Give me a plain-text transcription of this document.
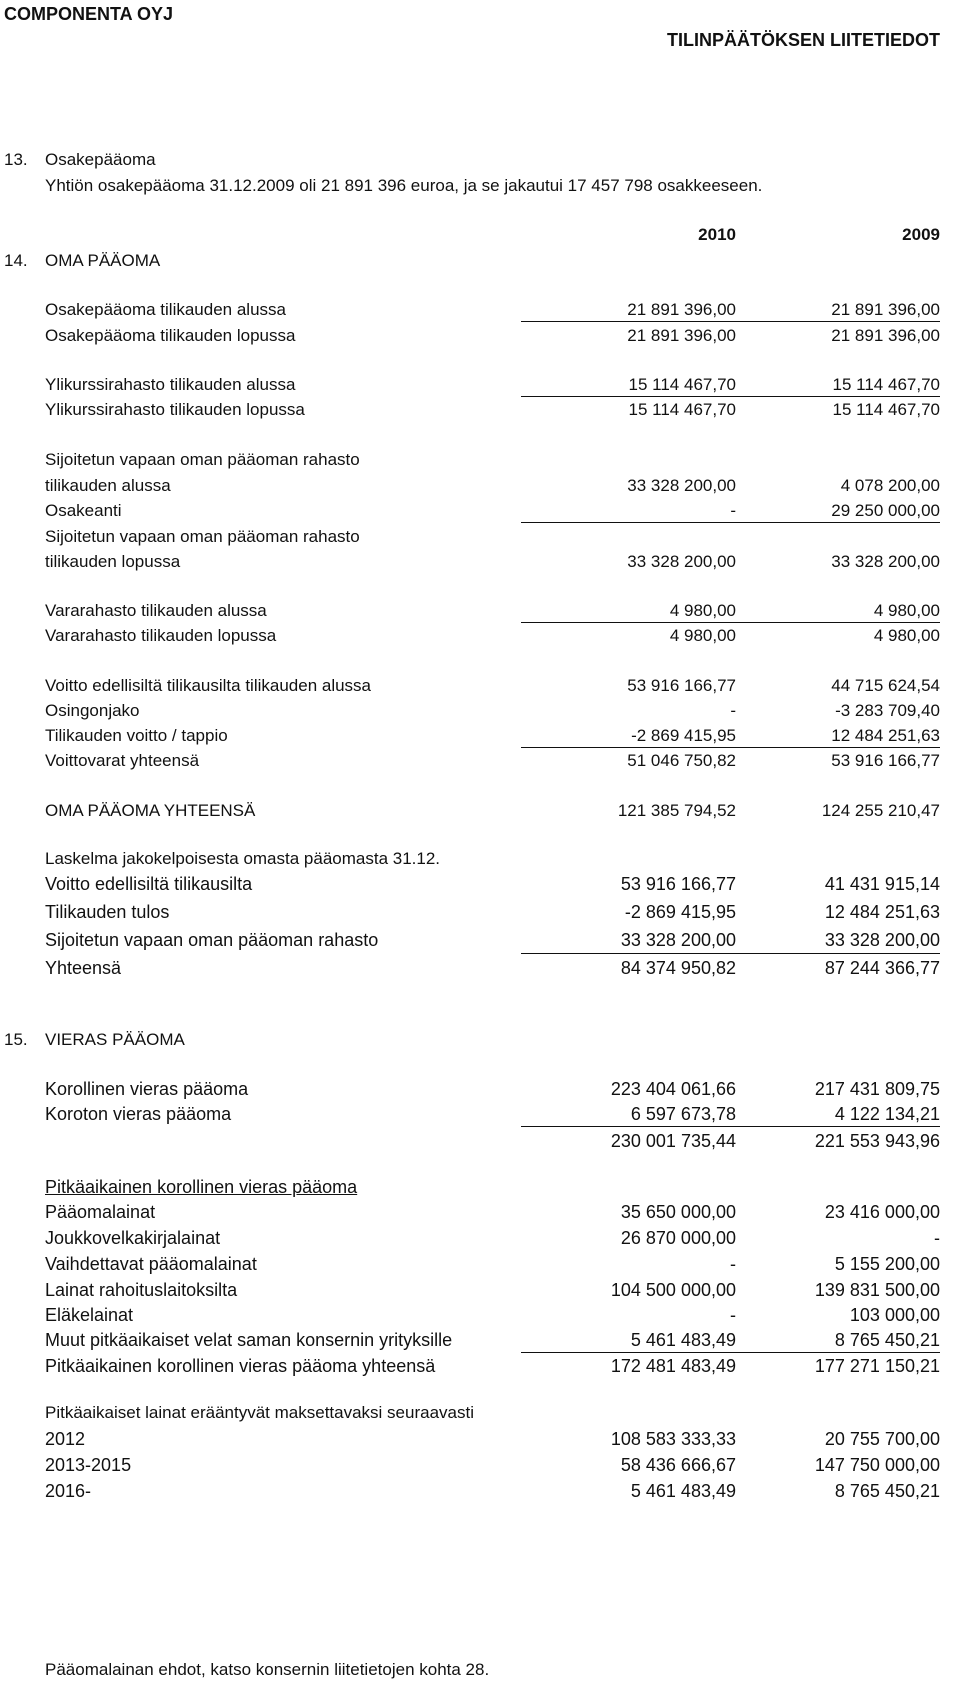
COMPONENTA OYJ
TILINPÄÄTÖKSEN LIITETIEDOT
13. Osakepääoma
Yhtiön osakepääoma 31.12.2009 oli 21 891 396 euroa, ja se jakautui 17 457 798 osakkeeseen.
14. OMA PÄÄOMA
2010	2009
Osakepääoma tilikauden alussa	21 891 396,00	21 891 396,00
Osakepääoma tilikauden lopussa	21 891 396,00	21 891 396,00
Ylikurssirahasto tilikauden alussa	15 114 467,70	15 114 467,70
Ylikurssirahasto tilikauden lopussa	15 114 467,70	15 114 467,70
Sijoitetun vapaan oman pääoman rahasto
tilikauden alussa	33 328 200,00	4 078 200,00
Osakeanti	-	29 250 000,00
Sijoitetun vapaan oman pääoman rahasto
tilikauden lopussa	33 328 200,00	33 328 200,00
Vararahasto tilikauden alussa	4 980,00	4 980,00
Vararahasto tilikauden lopussa	4 980,00	4 980,00
Voitto edellisiltä tilikausilta tilikauden alussa	53 916 166,77	44 715 624,54
Osingonjako	-	-3 283 709,40
Tilikauden voitto / tappio	-2 869 415,95	12 484 251,63
Voittovarat yhteensä	51 046 750,82	53 916 166,77
OMA PÄÄOMA YHTEENSÄ	121 385 794,52	124 255 210,47
Laskelma jakokelpoisesta omasta pääomasta 31.12.
Voitto edellisiltä tilikausilta	53 916 166,77	41 431 915,14
Tilikauden tulos	-2 869 415,95	12 484 251,63
Sijoitetun vapaan oman pääoman rahasto	33 328 200,00	33 328 200,00
Yhteensä	84 374 950,82	87 244 366,77
15. VIERAS PÄÄOMA
Korollinen vieras pääoma	223 404 061,66	217 431 809,75
Koroton vieras pääoma	6 597 673,78	4 122 134,21
230 001 735,44	221 553 943,96
Pitkäaikainen korollinen vieras pääoma
Pääomalainat	35 650 000,00	23 416 000,00
Joukkovelkakirjalainat	26 870 000,00	-
Vaihdettavat pääomalainat	-	5 155 200,00
Lainat rahoituslaitoksilta	104 500 000,00	139 831 500,00
Eläkelainat	-	103 000,00
Muut pitkäaikaiset velat saman konsernin yrityksille	5 461 483,49	8 765 450,21
Pitkäaikainen korollinen vieras pääoma yhteensä	172 481 483,49	177 271 150,21
Pitkäaikaiset lainat erääntyvät maksettavaksi seuraavasti
2012	108 583 333,33	20 755 700,00
2013-2015	58 436 666,67	147 750 000,00
2016-	5 461 483,49	8 765 450,21
Pääomalainan ehdot, katso konsernin liitetietojen kohta 28.
